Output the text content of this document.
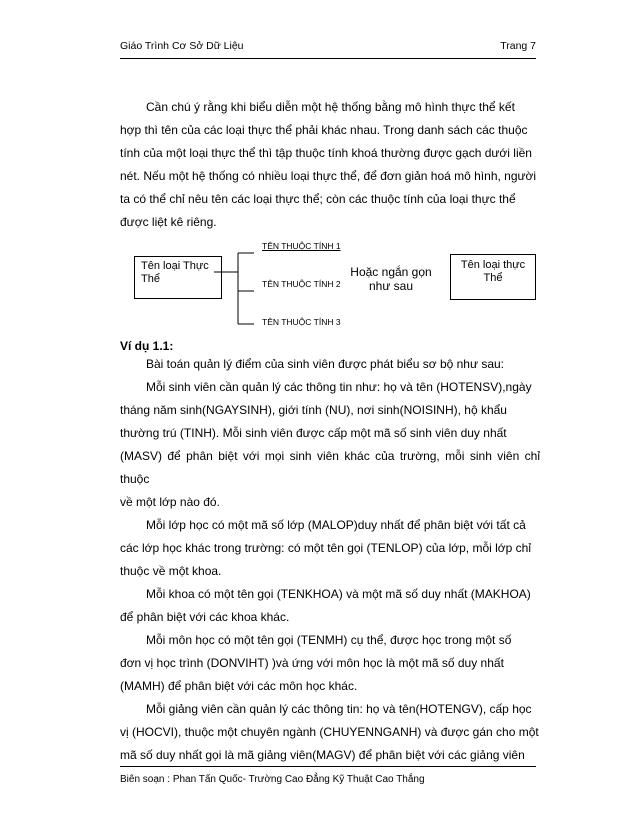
Giáo Trình Cơ Sở Dữ Liệu	Trang 7
Cần chú ý rằng khi biểu diễn một hệ thống bằng mô hình thực thể kết
hợp thì tên của các loại thực thể phải khác nhau. Trong danh sách các thuộc
tính của một loại thực thể thì tập thuộc tính khoá thường được gạch dưới liền
nét. Nếu một hệ thống có nhiều loại thực thể, để đơn giản hoá mô hình, người
ta có thể chỉ nêu tên các loại thực thể; còn các thuộc tính của loại thực thể
được liệt kê riêng.
Tên loại Thực
Thể
TÊN THUỘC TÍNH 1
TÊN THUỘC TÍNH 2
TÊN THUỘC TÍNH 3
Hoặc ngắn gọn
như sau
Tên loại thực
Thể
Ví dụ 1.1:
Bài toán quản lý điểm của sinh viên được phát biểu sơ bộ như sau:
Mỗi sinh viên cần quản lý các thông tin như: họ và tên (HOTENSV),ngày
tháng năm sinh(NGAYSINH), giới tính (NU), nơi sinh(NOISINH), hộ khẩu
thường trú (TINH). Mỗi sinh viên được cấp một mã số sinh viên duy nhất
(MASV) để phân biệt với mọi sinh viên khác của trường, mỗi sinh viên chỉ thuộc
về một lớp nào đó.
Mỗi lớp học có một mã số lớp (MALOP)duy nhất để phân biệt với tất cả
các lớp học khác trong trường: có một tên gọi (TENLOP) của lớp, mỗi lớp chỉ
thuộc về một khoa.
Mỗi khoa có một tên gọi (TENKHOA) và một mã số duy nhất (MAKHOA)
để phân biệt với các khoa khác.
Mỗi môn học có một tên gọi (TENMH) cụ thể, được học trong một số
đơn vị học trình (DONVIHT) )và ứng với môn học là một mã số duy nhất
(MAMH) để phân biệt với các môn học khác.
Mỗi giảng viên cần quản lý các thông tin: họ và tên(HOTENGV), cấp học
vị (HOCVI), thuộc một chuyên ngành (CHUYENNGANH) và được gán cho một
mã số duy nhất gọi là mã giảng viên(MAGV) để phân biệt với các giảng viên
Biên soạn : Phan Tấn Quốc- Trường Cao Đẳng Kỹ Thuật Cao Thắng
